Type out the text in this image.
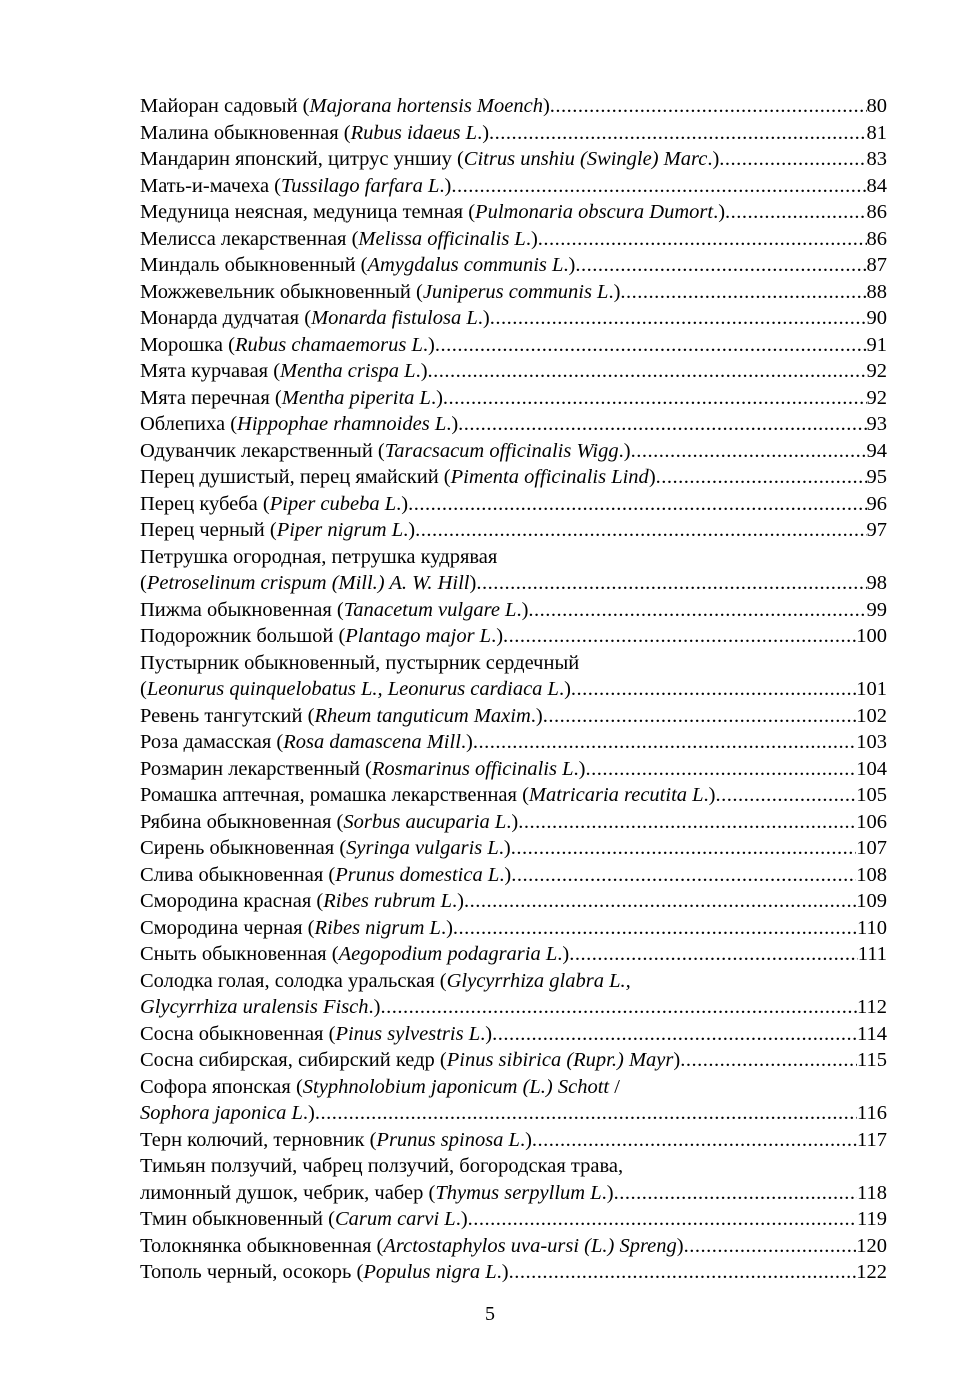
Майоран садовый (Majorana hortensis Moench) .....	80
Малина обыкновенная (Rubus idaeus L.) .....	81
Мандарин японский, цитрус уншиу (Citrus unshiu (Swingle) Marc.) .....	83
Мать-и-мачеха (Tussilago farfara L.) .....	84
Медуница неясная, медуница темная (Pulmonaria obscura Dumort.) .....	86
Мелисса лекарственная (Melissa officinalis L.) .....	86
Миндаль обыкновенный (Amygdalus communis L.) .....	87
Можжевельник обыкновенный (Juniperus communis L.) .....	88
Монарда дудчатая (Monarda fistulosa L.) .....	90
Морошка (Rubus chamaemorus L.) .....	91
Мята курчавая (Mentha crispa L.) .....	92
Мята перечная (Mentha piperita L.) .....	92
Облепиха (Hippophae rhamnoides L.) .....	93
Одуванчик лекарственный (Taracsacum officinalis Wigg.) .....	94
Перец душистый, перец ямайский (Pimenta officinalis Lind) .....	95
Перец кубеба (Piper cubeba L.) .....	96
Перец черный (Piper nigrum L.) .....	97
Петрушка огородная, петрушка кудрявая
(Petroselinum crispum (Mill.) A. W. Hill) .....	98
Пижма обыкновенная (Tanacetum vulgare L.) .....	99
Подорожник большой (Plantago major L.) .....	100
Пустырник обыкновенный, пустырник сердечный
(Leonurus quinquelobatus L., Leonurus cardiaca L.) .....	101
Ревень тангутский (Rheum tanguticum Maxim.) .....	102
Роза дамасская (Rosa damascena Mill.) .....	103
Розмарин лекарственный (Rosmarinus officinalis L.) .....	104
Ромашка аптечная, ромашка лекарственная (Matricaria recutita L.) .....	105
Рябина обыкновенная (Sorbus aucuparia L.) .....	106
Сирень обыкновенная (Syringa vulgaris L.) .....	107
Слива обыкновенная (Prunus domestica L.) .....	108
Смородина красная (Ribes rubrum L.) .....	109
Смородина черная (Ribes nigrum L.) .....	110
Сныть обыкновенная (Aegopodium podagraria L.) .....	111
Солодка голая, солодка уральская (Glycyrrhiza glabra L.,
Glycyrrhiza uralensis Fisch.) .....	112
Сосна обыкновенная (Pinus sylvestris L.) .....	114
Сосна сибирская, сибирский кедр (Pinus sibirica (Rupr.) Mayr) .....	115
Софора японская (Styphnolobium japonicum (L.) Schott /
Sophora japonica L.) .....	116
Терн колючий, терновник (Prunus spinosa L.) .....	117
Тимьян ползучий, чабрец ползучий, богородская трава,
лимонный душок, чебрик, чабер (Thymus serpyllum L.) .....	118
Тмин обыкновенный (Carum carvi L.) .....	119
Толокнянка обыкновенная (Arctostaphylos uva-ursi (L.) Spreng) .....	120
Тополь черный, осокорь (Populus nigra L.) .....	122
5
